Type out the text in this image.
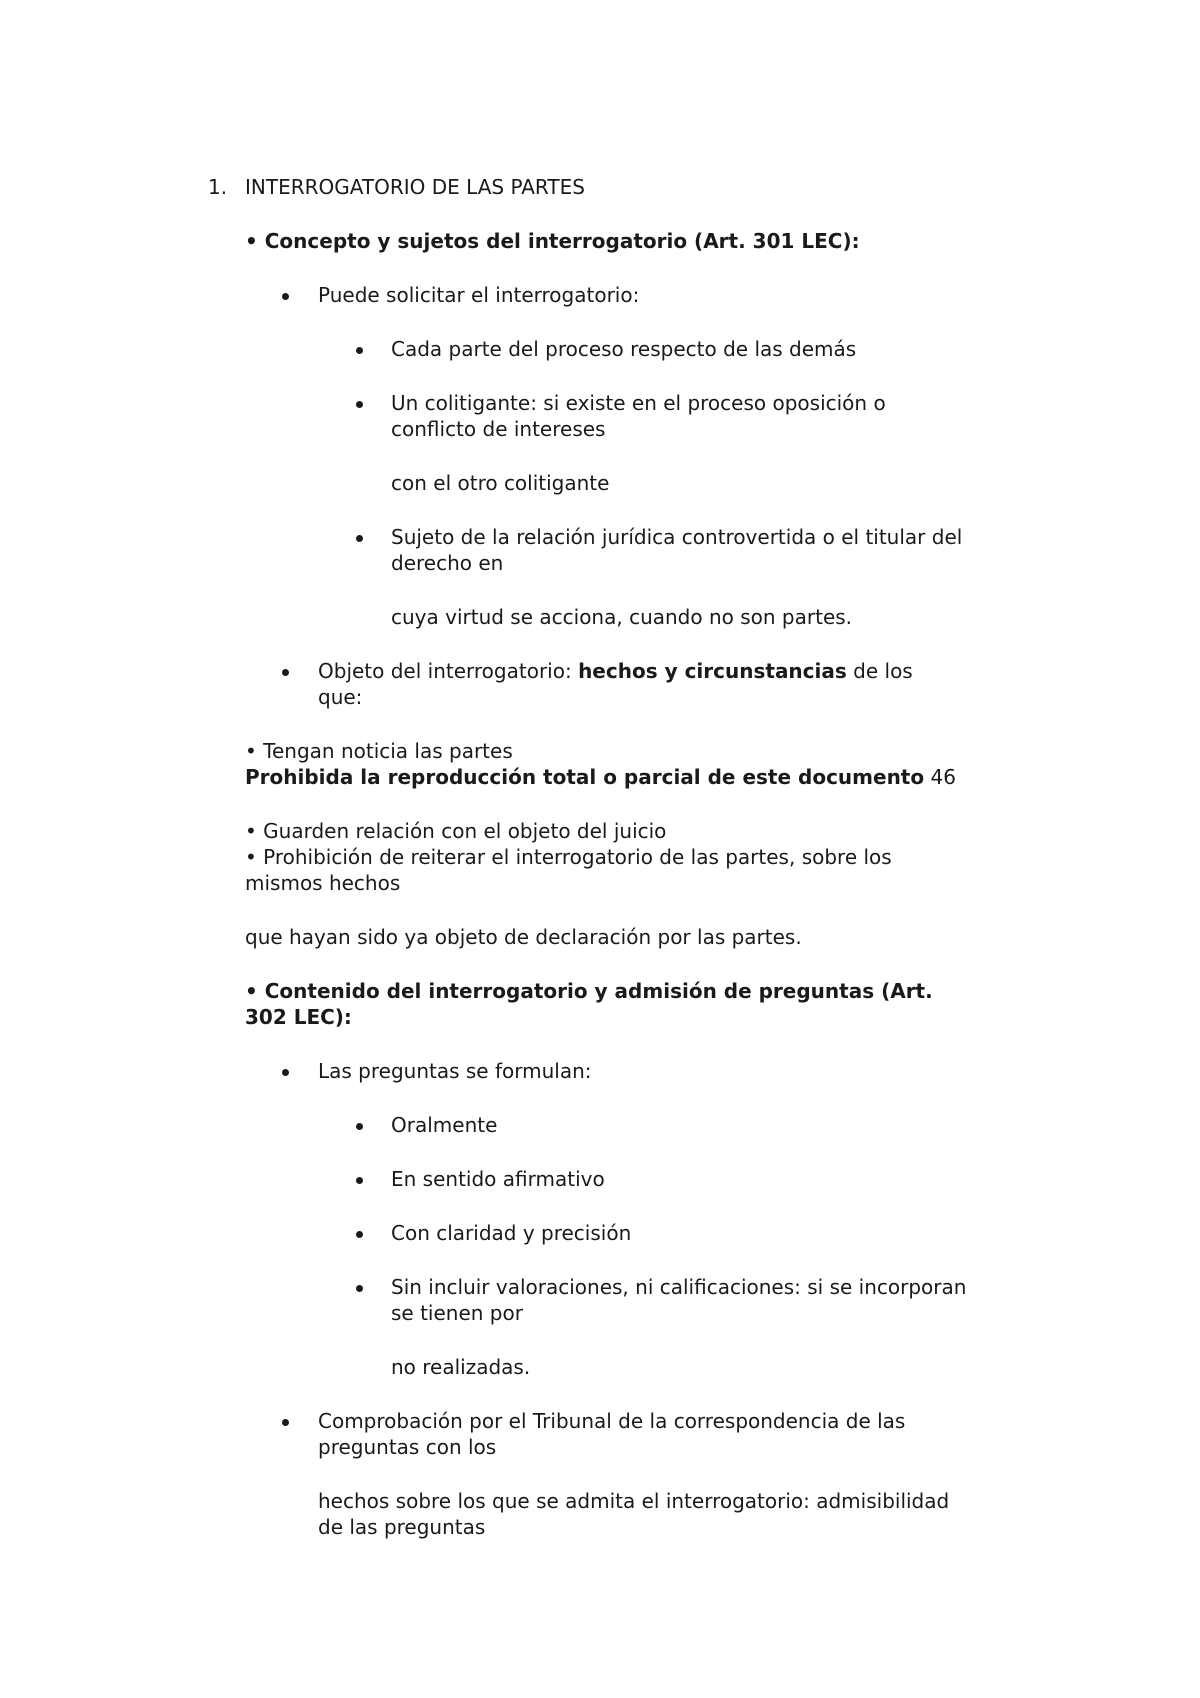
1. INTERROGATORIO DE LAS PARTES
• Concepto y sujetos del interrogatorio (Art. 301 LEC):
Puede solicitar el interrogatorio:
Cada parte del proceso respecto de las demás
Un colitigante: si existe en el proceso oposición o
conflicto de intereses
con el otro colitigante
Sujeto de la relación jurídica controvertida o el titular del
derecho en
cuya virtud se acciona, cuando no son partes.
Objeto del interrogatorio: hechos y circunstancias de los
que:
• Tengan noticia las partes
Prohibida la reproducción total o parcial de este documento 46
• Guarden relación con el objeto del juicio
• Prohibición de reiterar el interrogatorio de las partes, sobre los
mismos hechos
que hayan sido ya objeto de declaración por las partes.
• Contenido del interrogatorio y admisión de preguntas (Art.
302 LEC):
Las preguntas se formulan:
Oralmente
En sentido afirmativo
Con claridad y precisión
Sin incluir valoraciones, ni calificaciones: si se incorporan
se tienen por
no realizadas.
Comprobación por el Tribunal de la correspondencia de las
preguntas con los
hechos sobre los que se admita el interrogatorio: admisibilidad
de las preguntas
